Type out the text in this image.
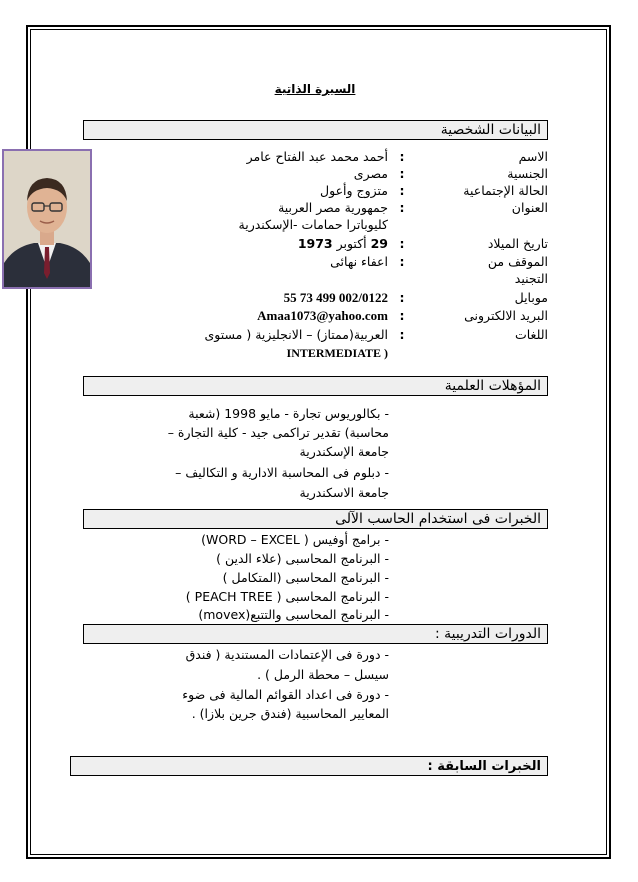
السيرة الذاتية
البيانات الشخصية
الاسم
:
أحمد محمد عبد الفتاح عامر
الجنسية
:
مصرى
الحالة الإجتماعية
:
متزوج وأعول
العنوان
:
جمهورية مصر العربية
كليوباترا حمامات -الإسكندرية
تاريخ الميلاد
:
29 أكتوبر 1973
الموقف من
:
اعفاء نهائى
التجنيد
موبايل
:
55 73 499 002/0122
البريد الالكترونى
:
Amaa1073@yahoo.com
اللغات
:
العربية(ممتاز) – الانجليزية ( مستوى
INTERMEDIATE )
المؤهلات العلمية
- بكالوريوس تجارة - مايو 1998 (شعبة
محاسبة) تقدير تراكمى جيد - كلية التجارة –
جامعة الإسكندرية
- دبلوم فى المحاسبة الادارية و التكاليف –
جامعة الاسكندرية
الخبرات فى استخدام الحاسب الآلى
- برامج أوفيس ( WORD – EXCEL)
- البرنامج المحاسبى (علاء الدين )
- البرنامج المحاسبى (المتكامل )
- البرنامج المحاسبى ( PEACH TREE )
- البرنامج المحاسبى والتتبع(movex)
الدورات التدريبية :
- دورة فى الإعتمادات المستندية ( فندق
سيسل – محطة الرمل ) .
- دورة فى اعداد القوائم المالية فى ضوء
المعايير المحاسبية (فندق جرين بلازا) .
الخبرات السابقة :
